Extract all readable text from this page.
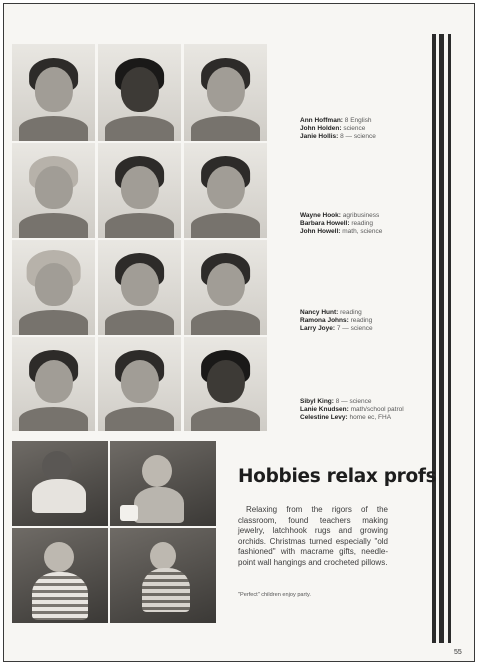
Ann Hoffman: 8 English
John Holden: science
Janie Hollis: 8 — science
Wayne Hook: agribusiness
Barbara Howell: reading
John Howell: math, science
Nancy Hunt: reading
Ramona Johns: reading
Larry Joye: 7 — science
Sibyl King: 8 — science
Lanie Knudsen: math/school patrol
Celestine Levy: home ec, FHA
Hobbies relax profs
Relaxing from the rigors of the classroom, found teachers making jewelry, latchhook rugs and growing orchids. Christmas turned especially "old fashioned" with macrame gifts, needle-point wall hangings and crocheted pillows.
"Perfect" children enjoy party.
55
